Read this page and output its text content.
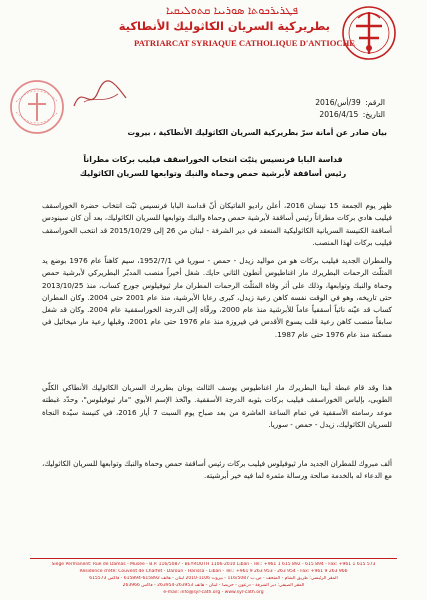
ܦܛܪܝܪܟܘܬܐ ܣܘܪܝܝܐ ܩܬܘܠܝܩܝܐ
بطريركية السريان الكاثوليك الأنطاكية
PATRIARCAT SYRIAQUE CATHOLIQUE D'ANTIOCHE
الرقم: 39/أس/2016
التاريخ: 2016/4/15
بيان صادر عن أمانة سرّ بطريركية السريان الكاثوليك الأنطاكية ، بيروت
قداسة البابا فرنسيس يثبّت انتخاب الخوراسقف فيليب بركات مطراناً
رئيس أساقفة لأبرشية حمص وحماة والنبك وتوابعها للسريان الكاثوليك

ظهر يوم الجمعة 15 نيسان 2016، أعلن راديو الفاتيكان أنّ قداسة البابا فرنسيس ثبّت انتخاب حضرة الخوراسقف فيليب هادي بركات مطراناً رئيس أساقفة لأبرشية حمص وحماة والنبك وتوابعها للسريان الكاثوليك، بعد أن كان سينودس أساقفة الكنيسة السريانية الكاثوليكية المنعقد في دير الشرفة - لبنان من 26 إلى 2015/10/29 قد انتخب الخوراسقف فيليب بركات لهذا المنصب.

والمطران الجديد فيليب بركات هو من مواليد زيدل - حمص - سوريا في 1952/7/1، سيم كاهناً عام 1976 بوضع يد المثلّث الرحمات البطريرك مار اغناطيوس أنطون الثاني حايك. شغل أخيراً منصب المدبّر البطريركي لأبرشية حمص وحماة والنبك وتوابعها، وذلك على أثر وفاة المثلّث الرحمات المطران مار ثيوفيلوس جورج كساب، منذ 2013/10/25 حتى تاريخه، وهو في الوقت نفسه كاهن رعية زيدل، كبرى رعايا الأبرشية، منذ عام 2001 حتى 2004. وكان المطران كساب قد عيّنه نائباً أسقفياً عاماً للأبرشية منذ عام 2000، ورقّاه إلى الدرجة الخوراسقفية عام 2004. وكان قد شغل سابقاً منصب كاهن رعية قلب يسوع الأقدس في فيروزة منذ عام 1976 حتى عام 2001، وقبلها رعية مار ميخائيل في مسكنة منذ عام 1976 حتى عام 1987.

هذا وقد قام غبطة أبينا البطريرك مار اغناطيوس يوسف الثالث يونان بطريرك السريان الكاثوليك الأنطاكي الكلّي الطوبى، بإلباس الخوراسقف فيليب بركات بثوبه الدرجة الأسقفية. واتّخذ الإسم الأبوي "مار ثيوفيلوس"، وحدّد غبطته موعد رسامته الأسقفية في تمام الساعة العاشرة من بعد صباح يوم السبت 7 أيار 2016، في كنيسة سيّدة النجاة للسريان الكاثوليك، زيدل - حمص - سوريا.

ألف مبروك للمطران الجديد مار ثيوفيلوس فيليب بركات رئيس أساقفة حمص وحماة والنبك وتوابعها للسريان الكاثوليك، مع الدعاء له بالخدمة صالحة ورسالة مثمرة لما فيه خير أبرشيته.

Siège Permanent: Rue de Damas - Musée - B.P. 116/5087 - BEYROUTH 1106-2010 Liban - Tél.: +961 1 615 892 - 615 894 - Fax: +961 1 615 573
Résidence d'été: Couvent de Charfet - Daroun - Harissa - Liban - Tél.: +961 9 263 953 - 263 954 - Fax: +961 9 263 966
المقر الرئيسي: طريق الشام - المتحف - ص.ب 116/5087 - بيروت 1106-2010 لبنان - هاتف 615892-615894 - فاكس 615573
المقر الصيفي: دير الشرفة - درعون - حريصا - لبنان - هاتف 263953-263954 - فاكس 263966
e-mail: info@syr-cath.org - www.syr-cath.org
